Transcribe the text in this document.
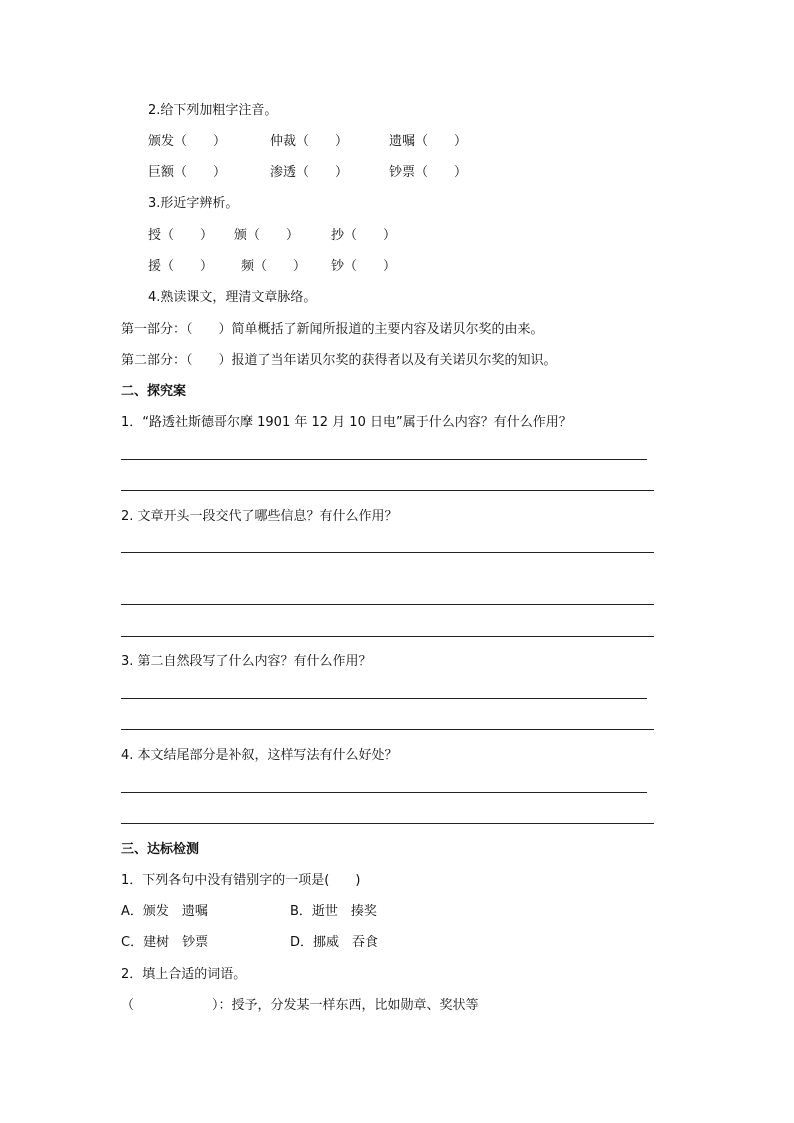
2.给下列加粗字注音。
颁发（　　）	仲裁（　　）	遗嘱（　　）
巨额（　　）	渗透（　　）	钞票（　　）
3.形近字辨析。
授（　　） 颁（　　） 抄（　　）
援（　　） 频（　　） 钞（　　）
4.熟读课文，理清文章脉络。
第一部分：（　　）简单概括了新闻所报道的主要内容及诺贝尔奖的由来。
第二部分：（　　）报道了当年诺贝尔奖的获得者以及有关诺贝尔奖的知识。
二、探究案
1．“路透社斯德哥尔摩 1901 年 12 月 10 日电”属于什么内容？有什么作用？
2. 文章开头一段交代了哪些信息？有什么作用？
3. 第二自然段写了什么内容？有什么作用？
4. 本文结尾部分是补叙，这样写法有什么好处？
三、达标检测
1．下列各句中没有错别字的一项是(　　)
A．颁发　遗嘱	B．逝世　揍奖
C．建树　钞票	D．挪威　吞食
2．填上合适的词语。
（　　　　　　）：授予，分发某一样东西，比如勋章、奖状等
